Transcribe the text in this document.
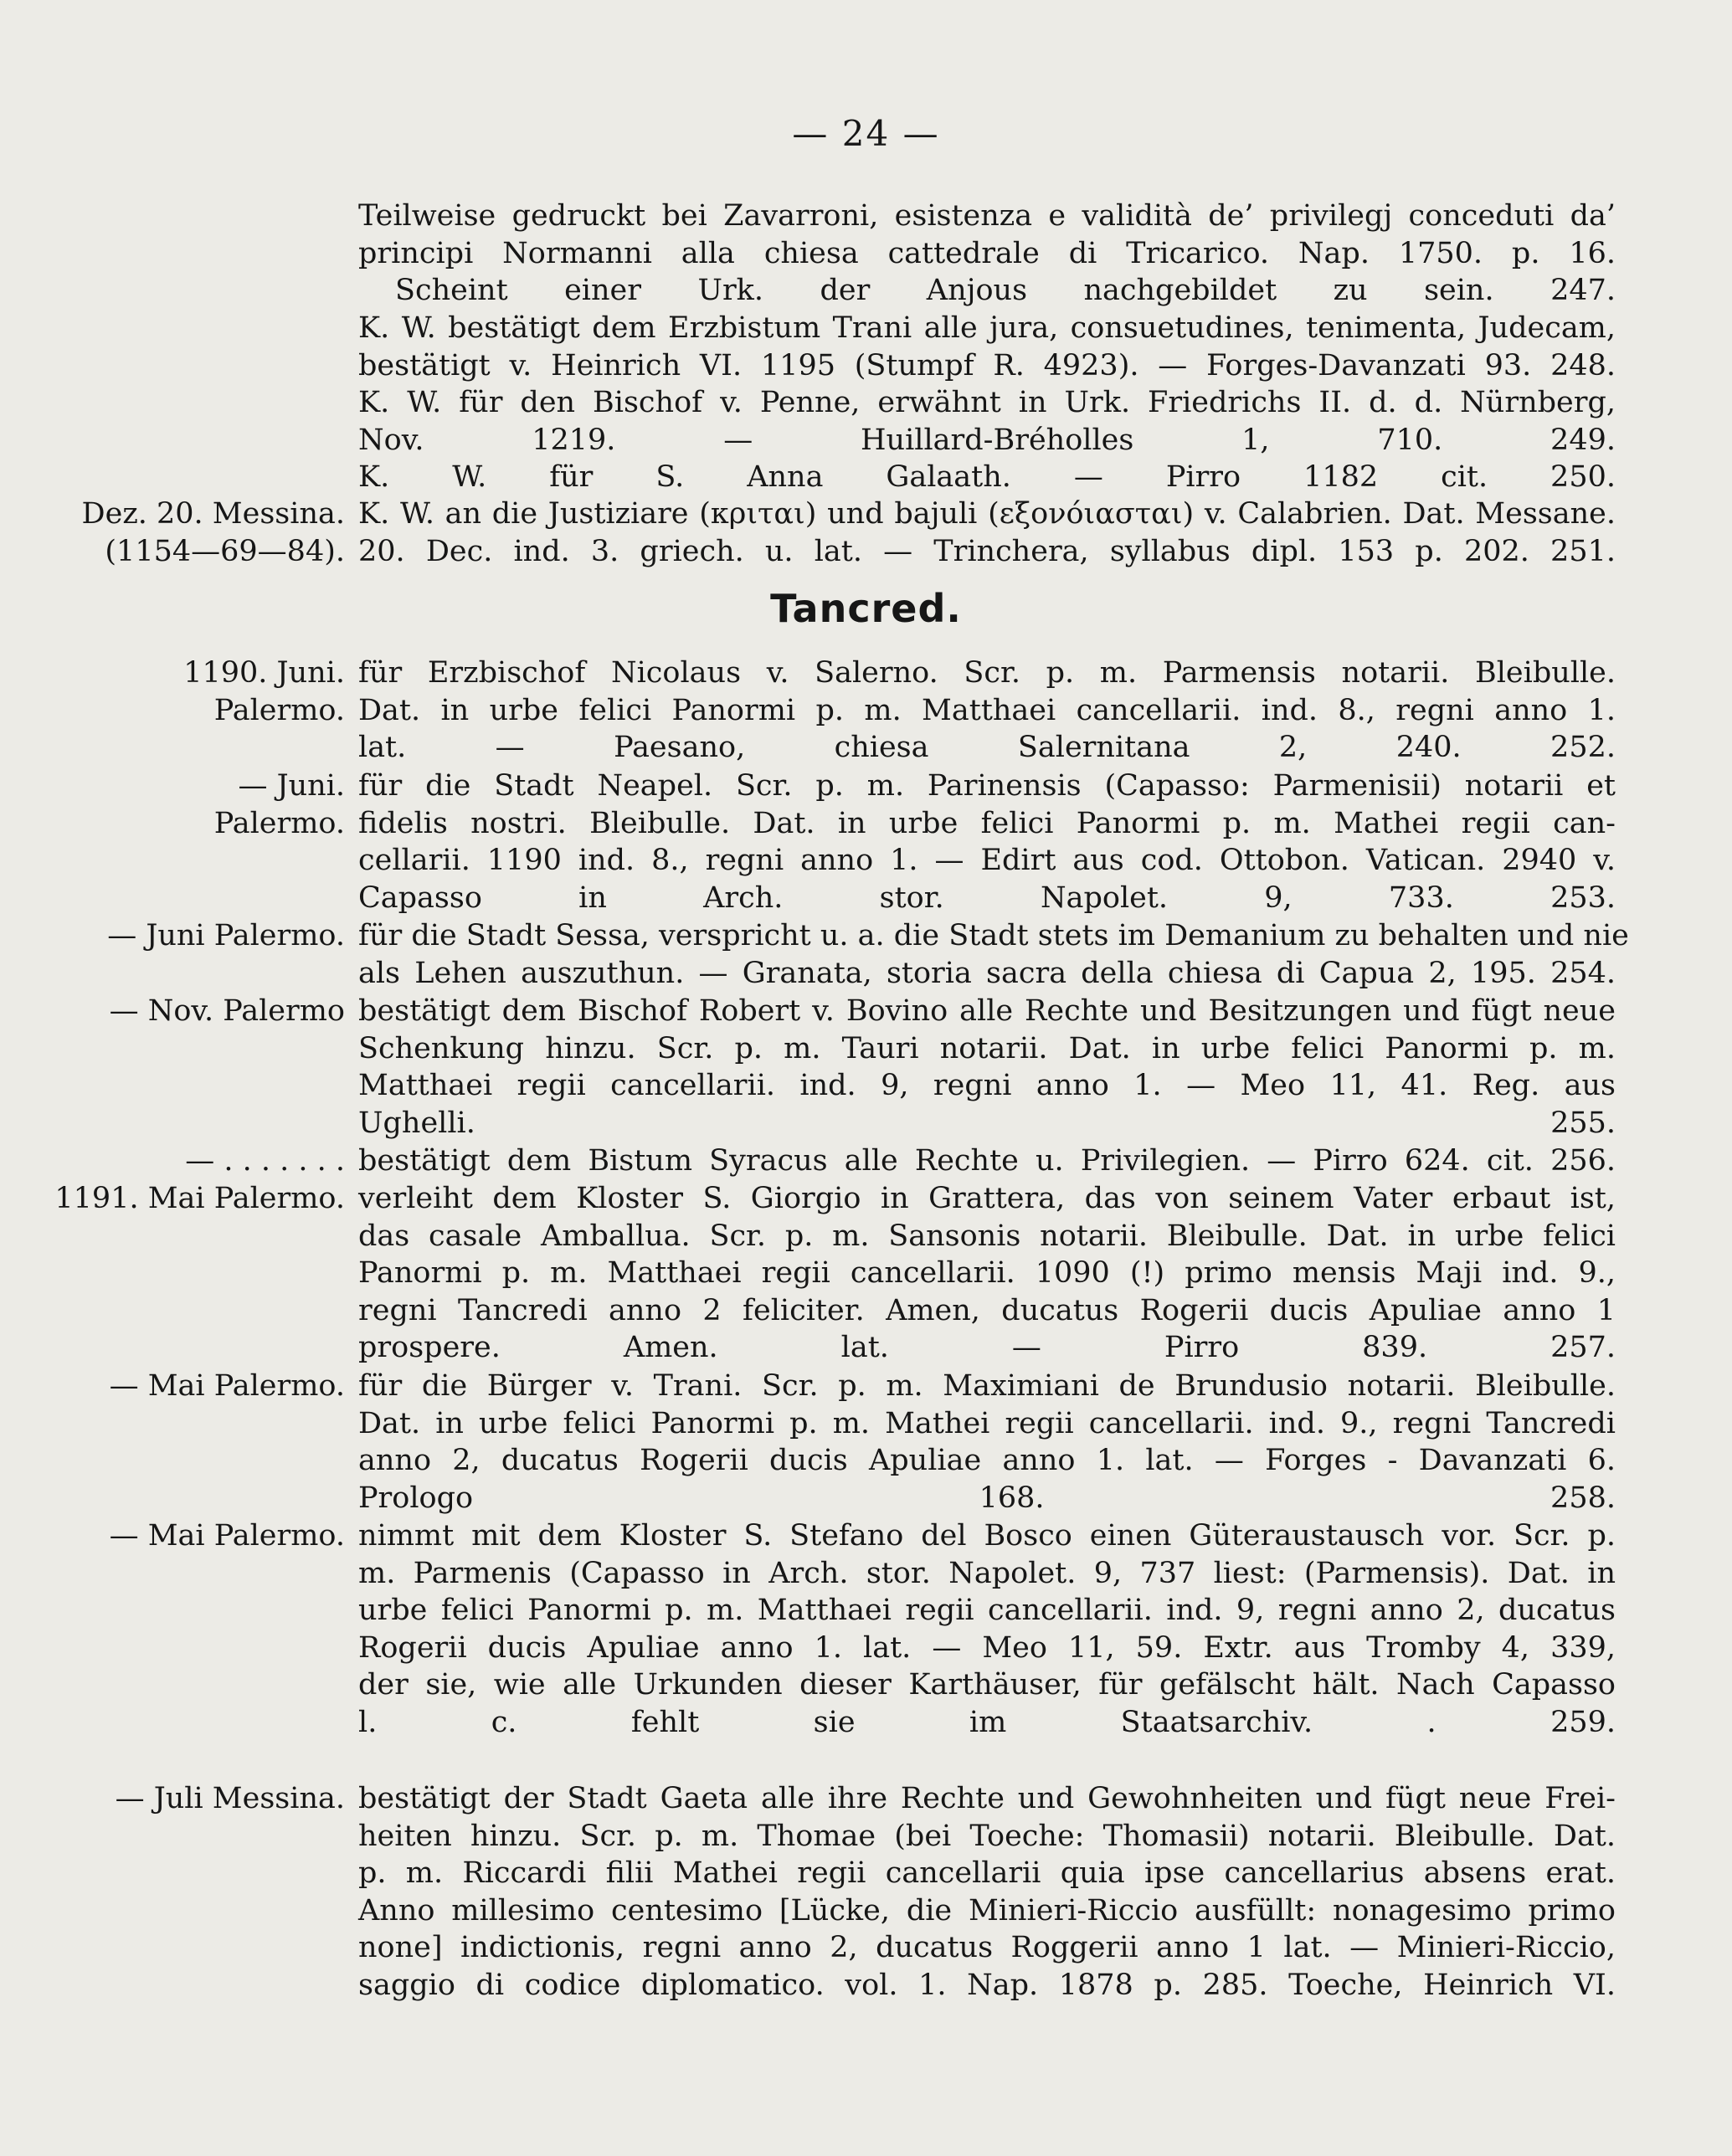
— 24 —
Teilweise gedruckt bei Zavarroni, esistenza e validità de’ privilegj conceduti da’
principi Normanni alla chiesa cattedrale di Tricarico. Nap. 1750. p. 16.
Scheint einer Urk. der Anjous nachgebildet zu sein. 247.
K. W. bestätigt dem Erzbistum Trani alle jura, consuetudines, tenimenta, Judecam,
bestätigt v. Heinrich VI. 1195 (Stumpf R. 4923). — Forges-Davanzati 93. 248.
K. W. für den Bischof v. Penne, erwähnt in Urk. Friedrichs II. d. d. Nürnberg,
Nov. 1219. — Huillard-Bréholles 1, 710. 249.
K. W. für S. Anna Galaath. — Pirro 1182 cit. 250.
Dez. 20. Messina.
(1154—69—84).
K. W. an die Justiziare (κριται) und bajuli (εξονόιασται) v. Calabrien. Dat. Messane.
20. Dec. ind. 3. griech. u. lat. — Trinchera, syllabus dipl. 153 p. 202. 251.
Tancred.
1190. Juni.
Palermo.
für Erzbischof Nicolaus v. Salerno. Scr. p. m. Parmensis notarii. Bleibulle.
Dat. in urbe felici Panormi p. m. Matthaei cancellarii. ind. 8., regni anno 1.
lat. — Paesano, chiesa Salernitana 2, 240. 252.
— Juni.
Palermo.
für die Stadt Neapel. Scr. p. m. Parinensis (Capasso: Parmenisii) notarii et
fidelis nostri. Bleibulle. Dat. in urbe felici Panormi p. m. Mathei regii can-
cellarii. 1190 ind. 8., regni anno 1. — Edirt aus cod. Ottobon. Vatican. 2940 v.
Capasso in Arch. stor. Napolet. 9, 733. 253.
— Juni Palermo. für die Stadt Sessa, verspricht u. a. die Stadt stets im Demanium zu behalten und nie
als Lehen auszuthun. — Granata, storia sacra della chiesa di Capua 2, 195. 254.
— Nov. Palermo bestätigt dem Bischof Robert v. Bovino alle Rechte und Besitzungen und fügt neue
Schenkung hinzu. Scr. p. m. Tauri notarii. Dat. in urbe felici Panormi p. m.
Matthaei regii cancellarii. ind. 9, regni anno 1. — Meo 11, 41. Reg. aus
Ughelli. 255.
— . . . . . . . bestätigt dem Bistum Syracus alle Rechte u. Privilegien. — Pirro 624. cit. 256.
1191. Mai Palermo. verleiht dem Kloster S. Giorgio in Grattera, das von seinem Vater erbaut ist,
das casale Amballua. Scr. p. m. Sansonis notarii. Bleibulle. Dat. in urbe felici
Panormi p. m. Matthaei regii cancellarii. 1090 (!) primo mensis Maji ind. 9.,
regni Tancredi anno 2 feliciter. Amen, ducatus Rogerii ducis Apuliae anno 1
prospere. Amen. lat. — Pirro 839. 257.
— Mai Palermo. für die Bürger v. Trani. Scr. p. m. Maximiani de Brundusio notarii. Bleibulle.
Dat. in urbe felici Panormi p. m. Mathei regii cancellarii. ind. 9., regni Tancredi
anno 2, ducatus Rogerii ducis Apuliae anno 1. lat. — Forges - Davanzati 6.
Prologo 168. 258.
— Mai Palermo. nimmt mit dem Kloster S. Stefano del Bosco einen Güteraustausch vor. Scr. p.
m. Parmenis (Capasso in Arch. stor. Napolet. 9, 737 liest: (Parmensis). Dat. in
urbe felici Panormi p. m. Matthaei regii cancellarii. ind. 9, regni anno 2, ducatus
Rogerii ducis Apuliae anno 1. lat. — Meo 11, 59. Extr. aus Tromby 4, 339,
der sie, wie alle Urkunden dieser Karthäuser, für gefälscht hält. Nach Capasso
l. c. fehlt sie im Staatsarchiv. . 259.
— Juli Messina. bestätigt der Stadt Gaeta alle ihre Rechte und Gewohnheiten und fügt neue Frei-
heiten hinzu. Scr. p. m. Thomae (bei Toeche: Thomasii) notarii. Bleibulle. Dat.
p. m. Riccardi filii Mathei regii cancellarii quia ipse cancellarius absens erat.
Anno millesimo centesimo [Lücke, die Minieri-Riccio ausfüllt: nonagesimo primo
none] indictionis, regni anno 2, ducatus Roggerii anno 1 lat. — Minieri-Riccio,
saggio di codice diplomatico. vol. 1. Nap. 1878 p. 285. Toeche, Heinrich VI.
